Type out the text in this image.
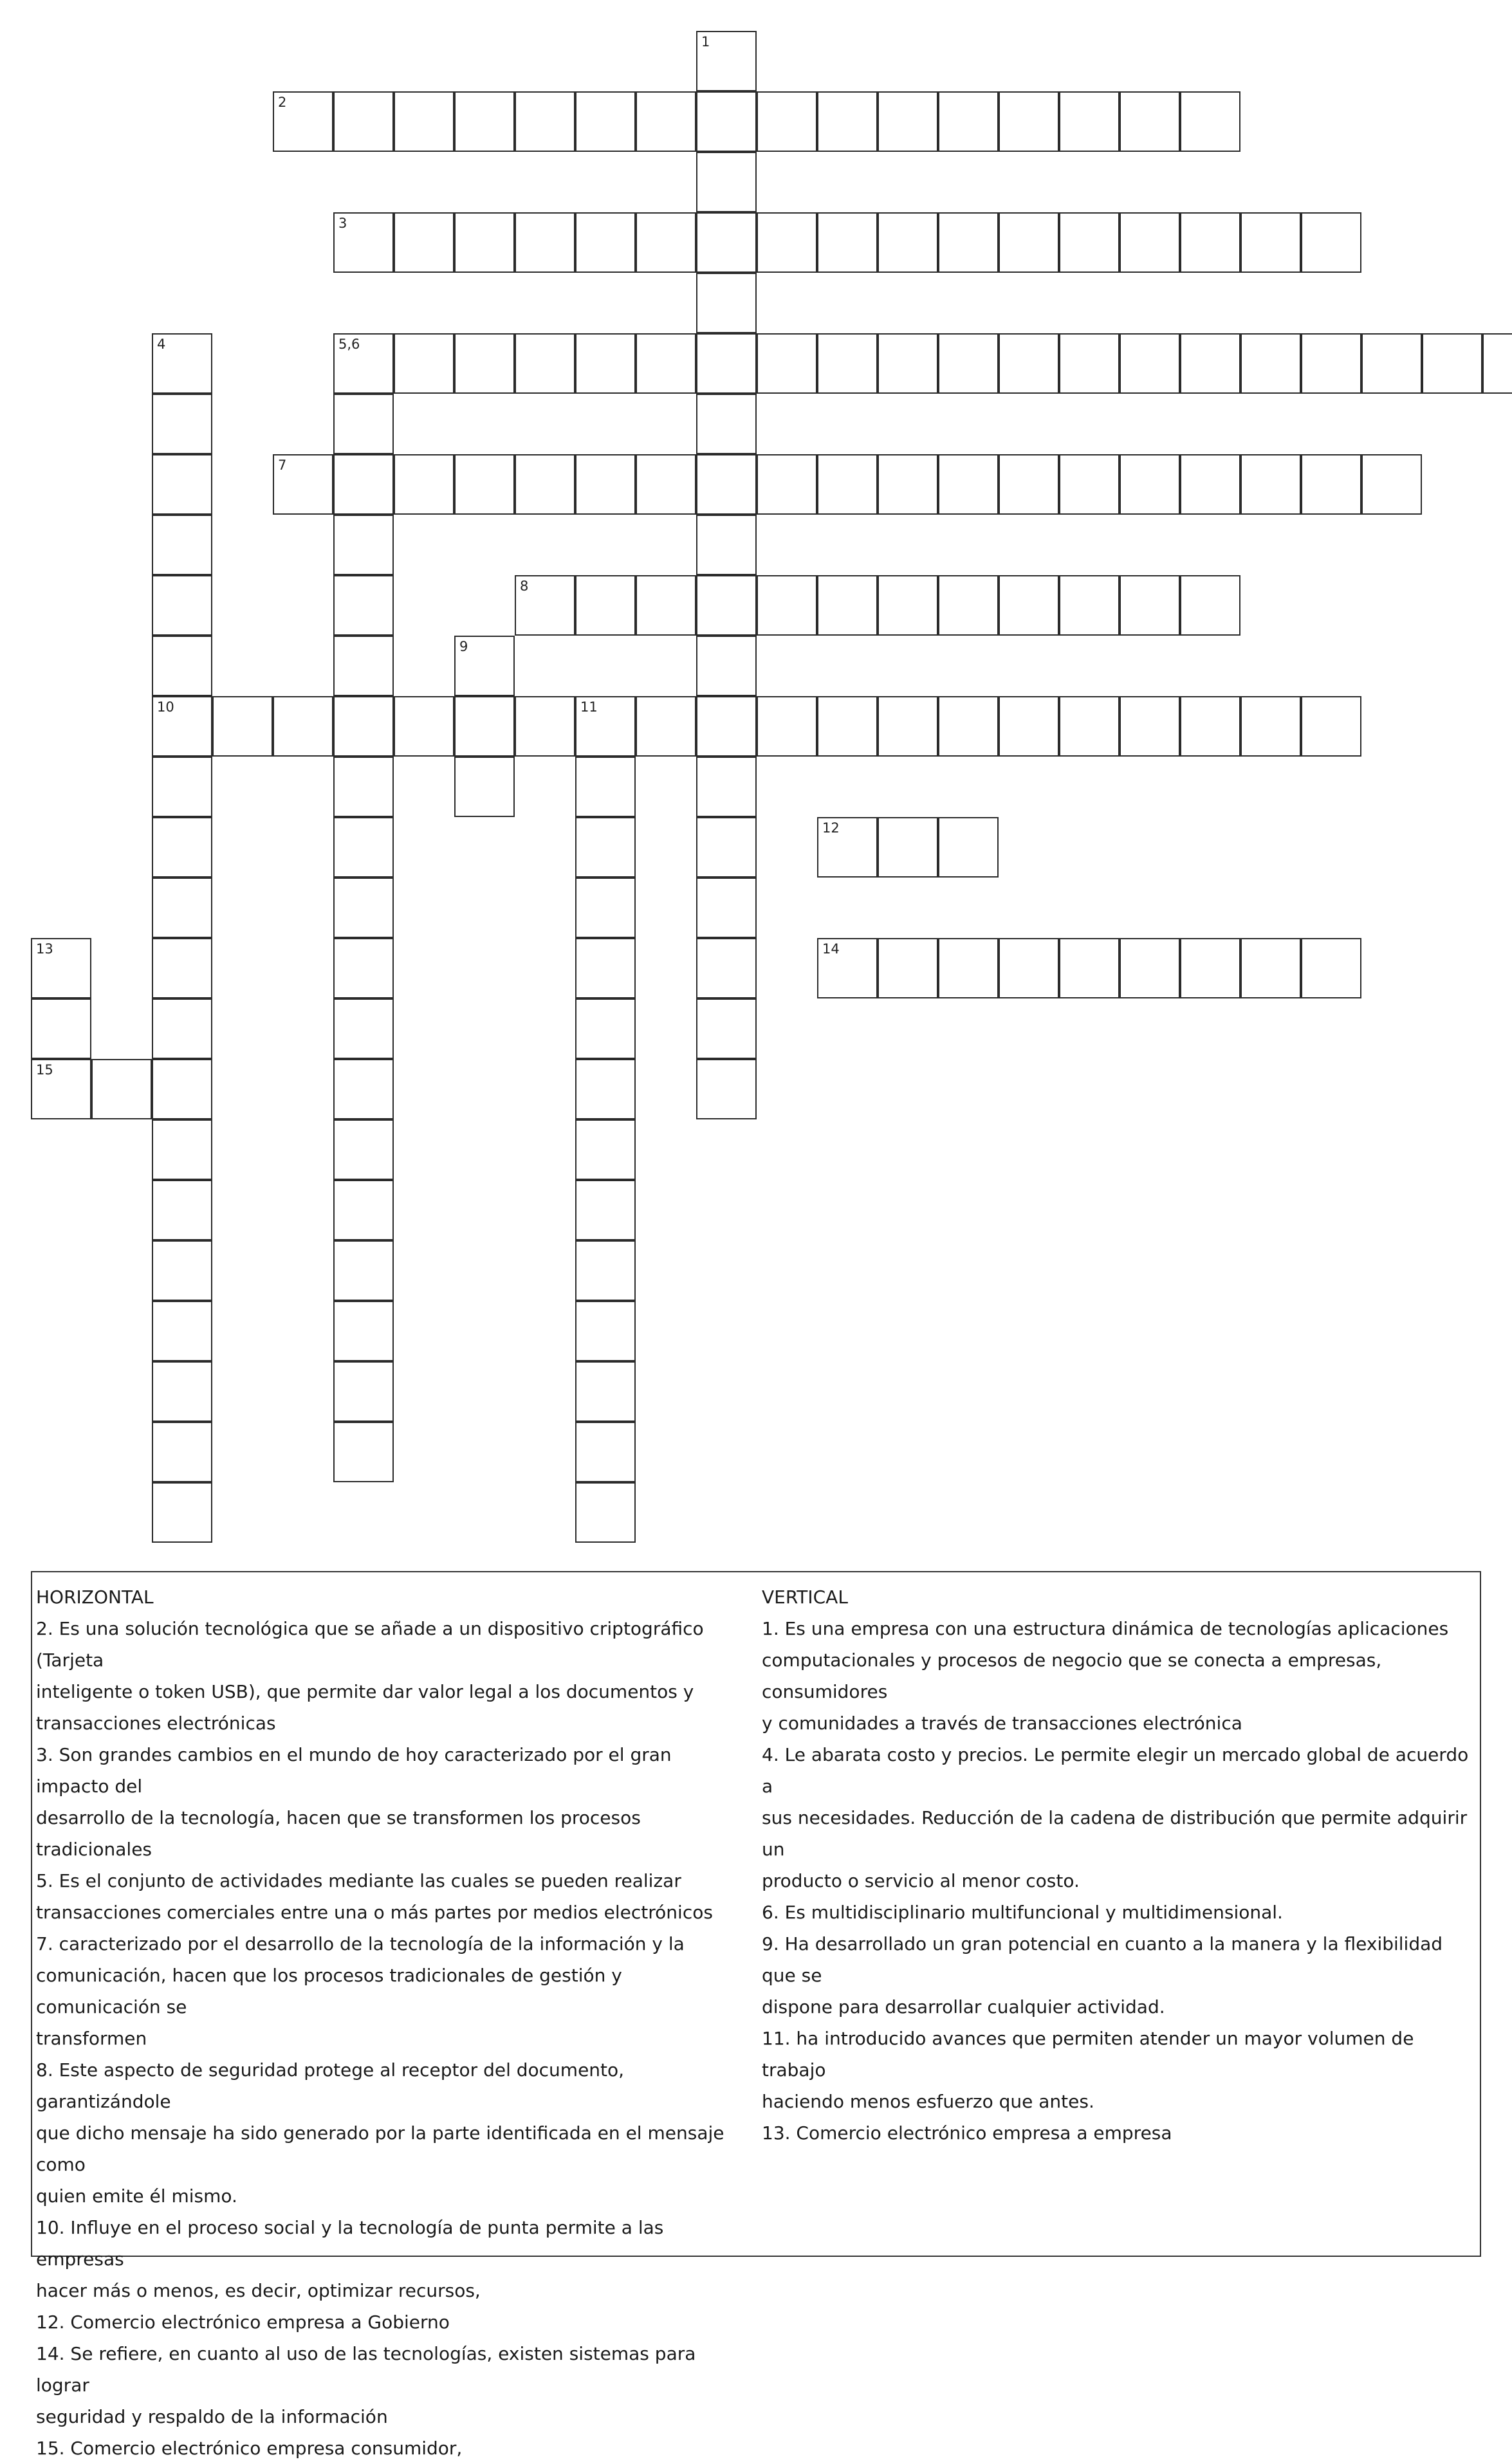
1
2
3
4
10
5,6
7
8
9
11
12
13
15
14

HORIZONTAL

2. Es una solución tecnológica que se añade a un dispositivo criptográfico (Tarjeta

inteligente o token USB), que permite dar valor legal a los documentos y

transacciones electrónicas

3. Son grandes cambios en el mundo de hoy caracterizado por el gran impacto del

desarrollo de la tecnología, hacen que se transformen los procesos tradicionales

5. Es el conjunto de actividades mediante las cuales se pueden realizar

transacciones comerciales entre una o más partes por medios electrónicos

7. caracterizado por el desarrollo de la tecnología de la información y la

comunicación, hacen que los procesos tradicionales de gestión y comunicación se

transformen

8. Este aspecto de seguridad protege al receptor del documento, garantizándole

que dicho mensaje ha sido generado por la parte identificada en el mensaje como

quien emite él mismo.

10. Influye en el proceso social y la tecnología de punta permite a las empresas

hacer más o menos, es decir, optimizar recursos,

12. Comercio electrónico empresa a Gobierno

14. Se refiere, en cuanto al uso de las tecnologías, existen sistemas para lograr

seguridad y respaldo de la información

15. Comercio electrónico empresa consumidor,

VERTICAL

1. Es una empresa con una estructura dinámica de tecnologías aplicaciones

computacionales y procesos de negocio que se conecta a empresas, consumidores

y comunidades a través de transacciones electrónica

4. Le abarata costo y precios. Le permite elegir un mercado global de acuerdo a

sus necesidades. Reducción de la cadena de distribución que permite adquirir un

producto o servicio al menor costo.

6. Es multidisciplinario multifuncional y multidimensional.

9. Ha desarrollado un gran potencial en cuanto a la manera y la flexibilidad que se

dispone para desarrollar cualquier actividad.

11. ha introducido avances que permiten atender un mayor volumen de trabajo

haciendo menos esfuerzo que antes.

13. Comercio electrónico empresa a empresa
